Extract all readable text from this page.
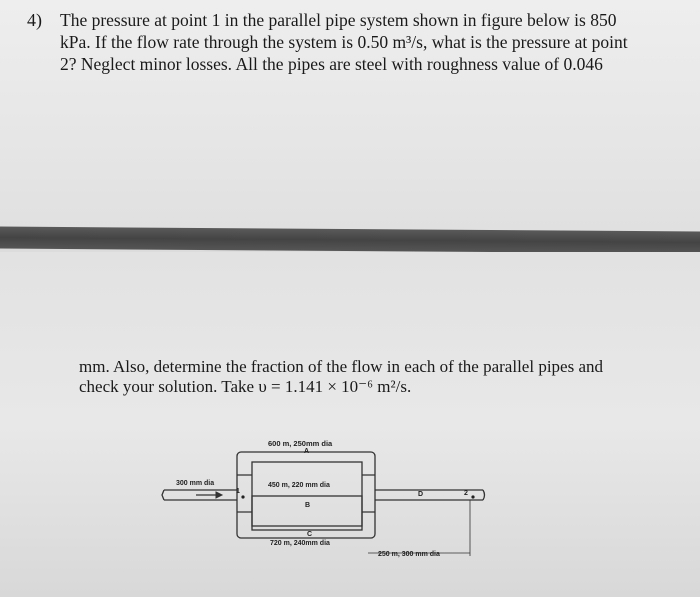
4) The pressure at point 1 in the parallel pipe system shown in figure below is 850
kPa. If the flow rate through the system is 0.50 m³/s, what is the pressure at point
2? Neglect minor losses. All the pipes are steel with roughness value of 0.046
mm. Also, determine the fraction of the flow in each of the parallel pipes and
check your solution. Take υ = 1.141 × 10⁻⁶ m²/s.
600 m, 250mm dia
A
450 m, 220 mm dia
B
C
720 m, 240mm dia
300 mm dia
1	D	2
250 m, 300 mm dia
